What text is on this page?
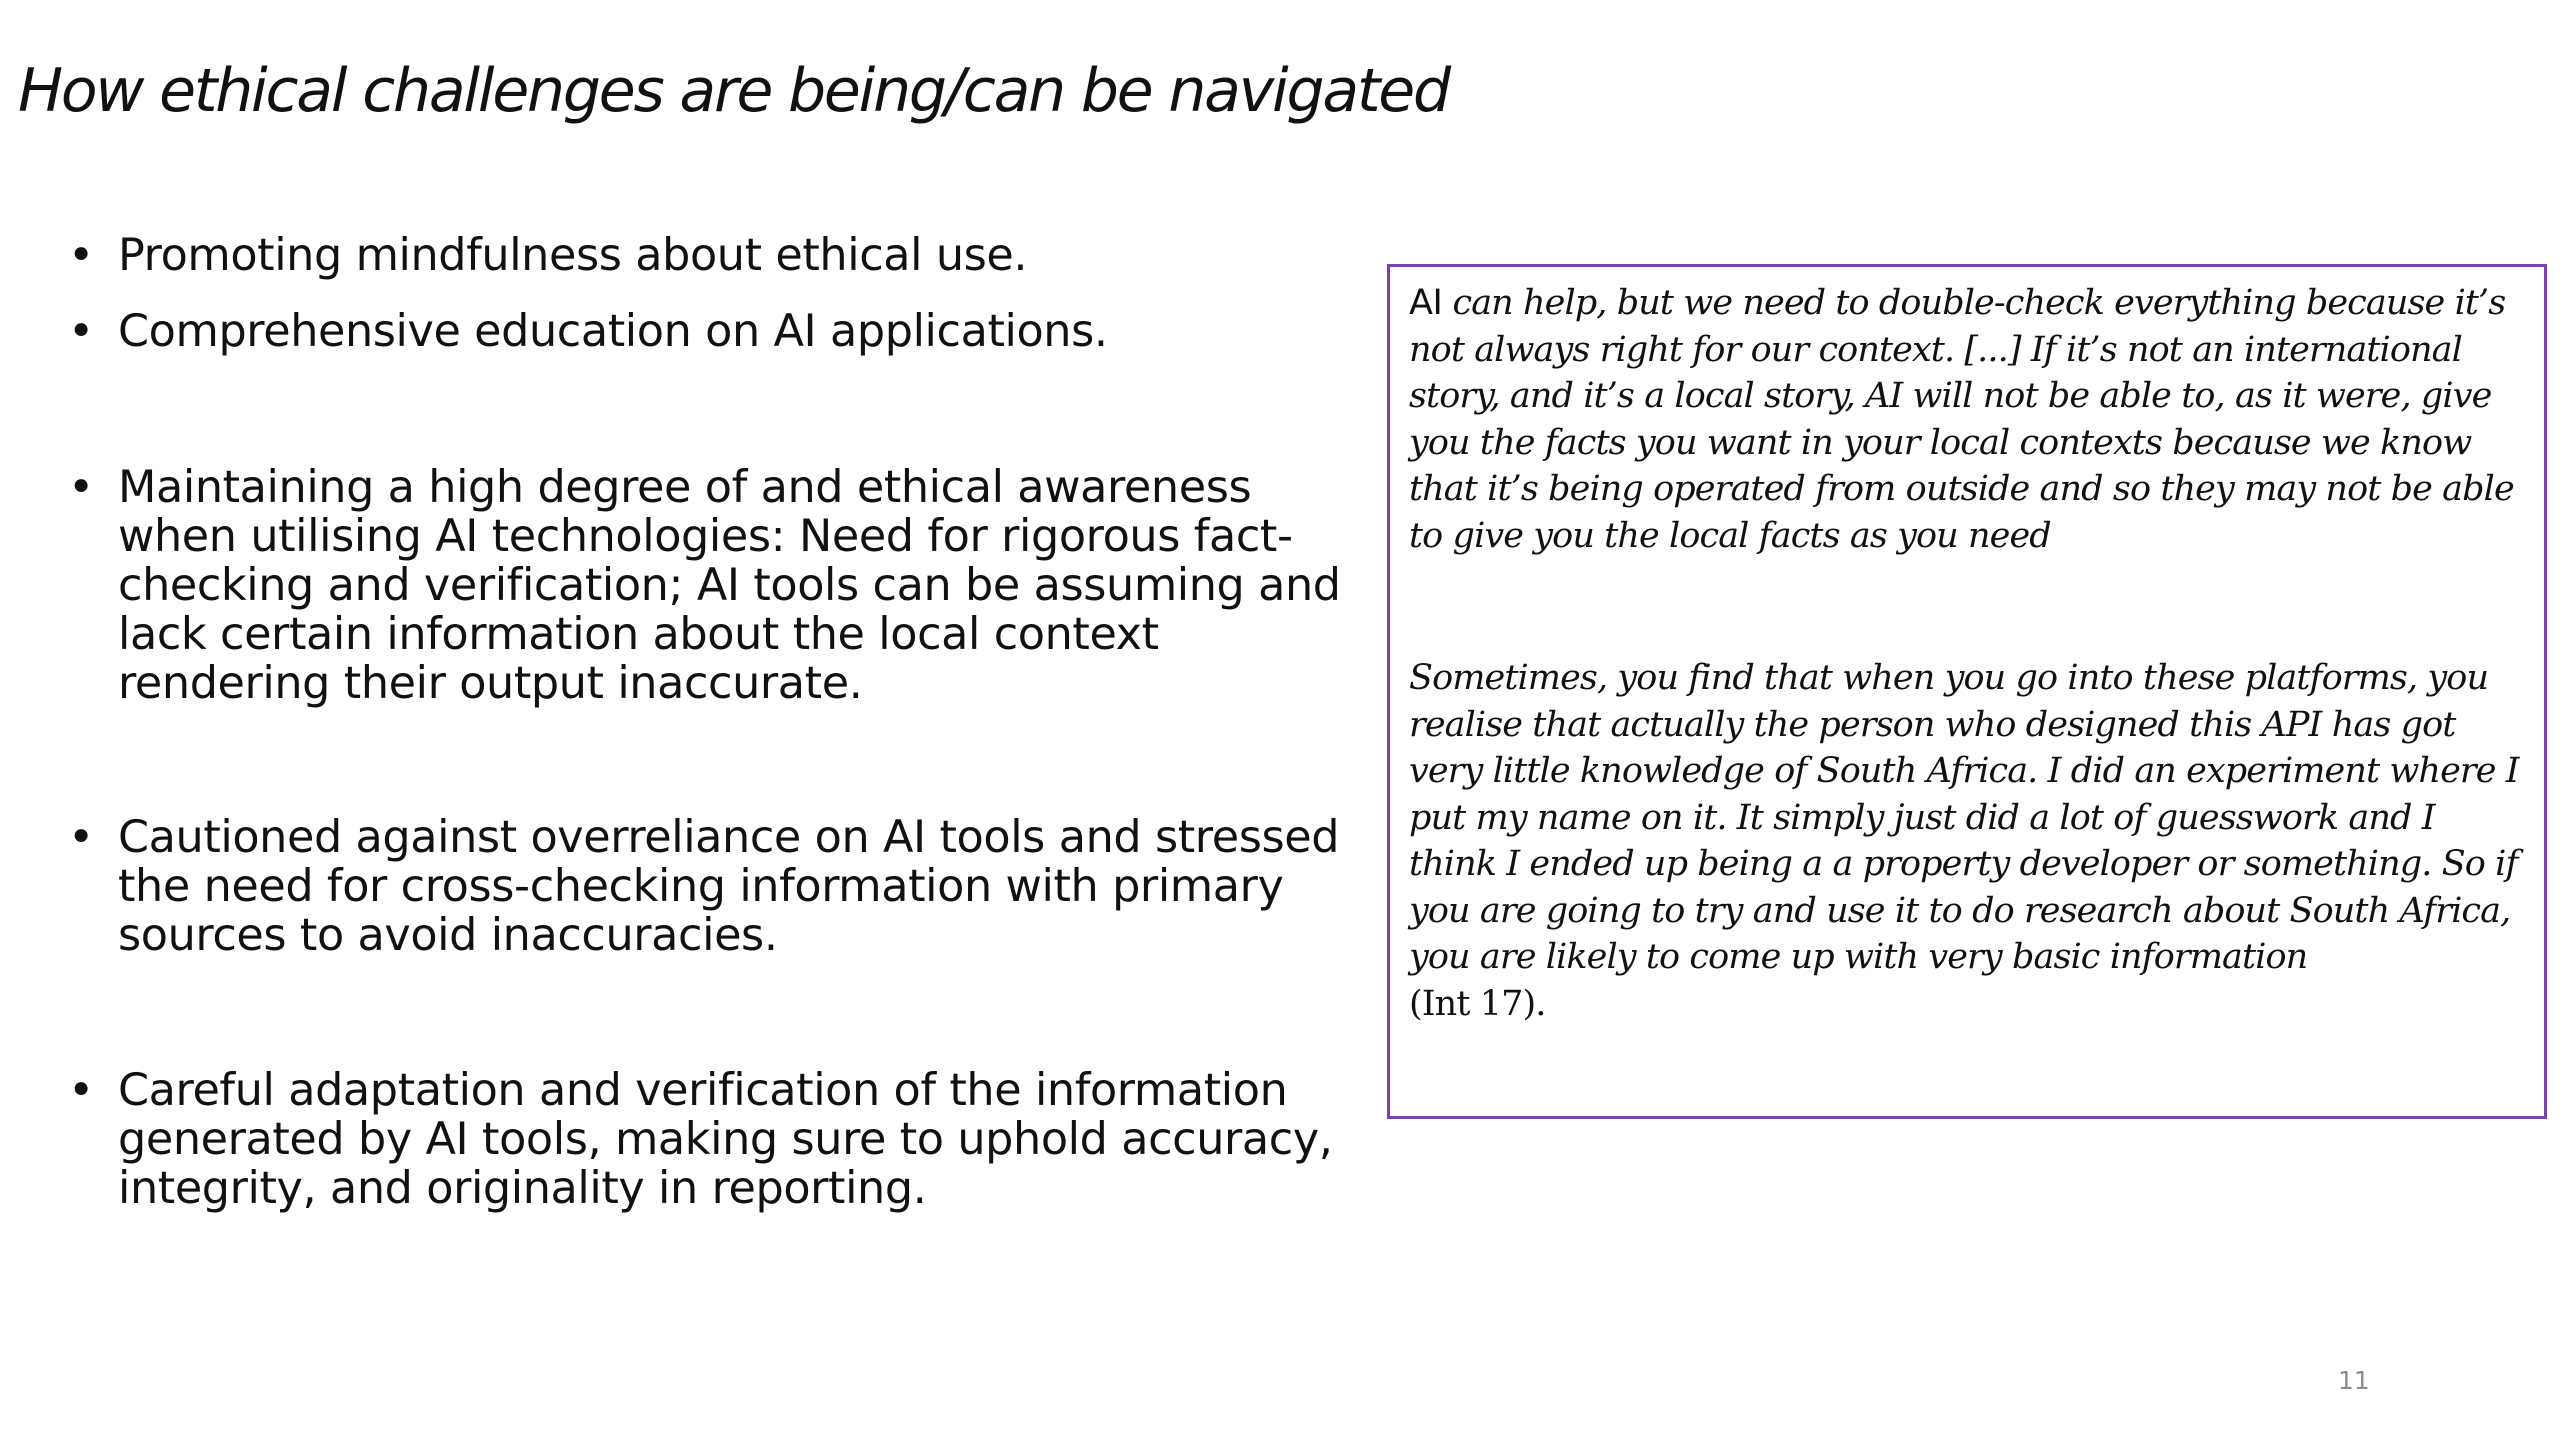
How ethical challenges are being/can be navigated
• Promoting mindfulness about ethical use.
• Comprehensive education on AI applications.
• Maintaining a high degree of and ethical awareness when utilising AI technologies: Need for rigorous fact-checking and verification; AI tools can be assuming and lack certain information about the local context rendering their output inaccurate.
• Cautioned against overreliance on AI tools and stressed the need for cross-checking information with primary sources to avoid inaccuracies.
• Careful adaptation and verification of the information generated by AI tools, making sure to uphold accuracy, integrity, and originality in reporting.

AI can help, but we need to double-check everything because it’s not always right for our context. [...] If it’s not an international story, and it’s a local story, AI will not be able to, as it were, give you the facts you want in your local contexts because we know that it’s being operated from outside and so they may not be able to give you the local facts as you need

Sometimes, you find that when you go into these platforms, you realise that actually the person who designed this API has got very little knowledge of South Africa. I did an experiment where I put my name on it. It simply just did a lot of guesswork and I think I ended up being a a property developer or something. So if you are going to try and use it to do research about South Africa, you are likely to come up with very basic information
(Int 17).

11
